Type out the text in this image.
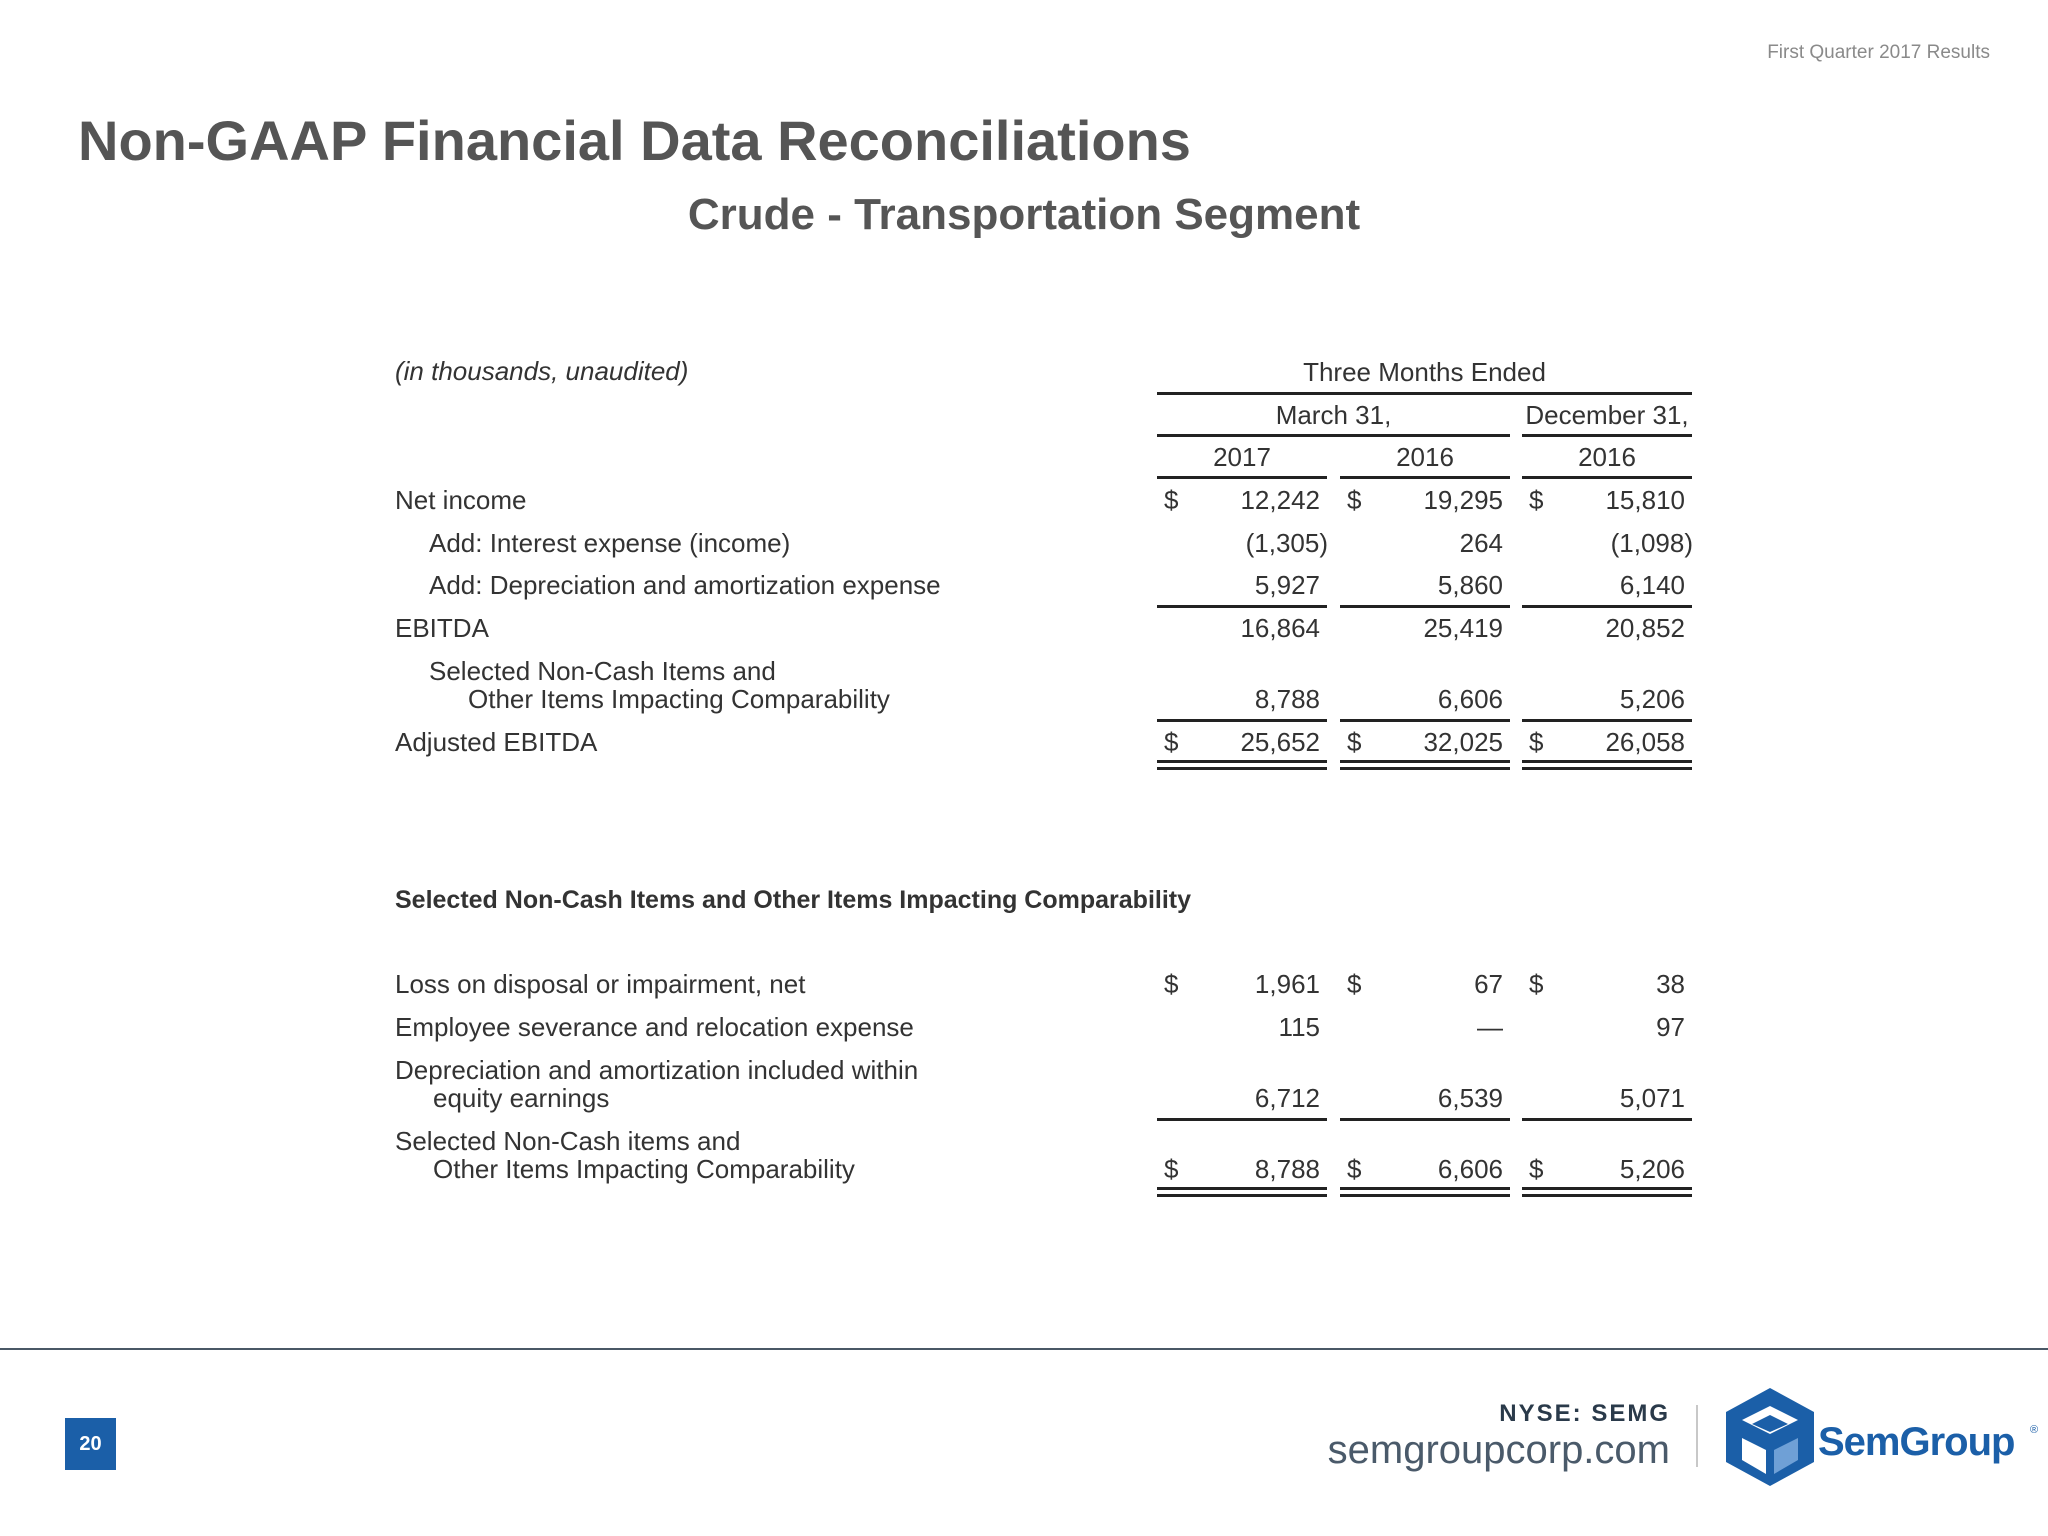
First Quarter 2017 Results
Non-GAAP Financial Data Reconciliations
Crude - Transportation Segment
(in thousands, unaudited)	Three Months Ended
March 31,	December 31,
2017	2016	2016
Net income	$	12,242 $	19,295 $	15,810
Add: Interest expense (income)	(1,305)	264	(1,098)
Add: Depreciation and amortization expense	5,927	5,860	6,140
EBITDA	16,864	25,419	20,852
Selected Non-Cash Items and
Other Items Impacting Comparability	8,788	6,606	5,206
Adjusted EBITDA	$	25,652 $	32,025 $	26,058
Selected Non-Cash Items and Other Items Impacting Comparability
Loss on disposal or impairment, net	$	1,961 $	67 $	38
Employee severance and relocation expense	115	—	97
Depreciation and amortization included within
equity earnings	6,712	6,539	5,071
Selected Non-Cash items and
Other Items Impacting Comparability	$	8,788 $	6,606 $	5,206
20
NYSE: SEMG
semgroupcorp.com	SemGroup ®
